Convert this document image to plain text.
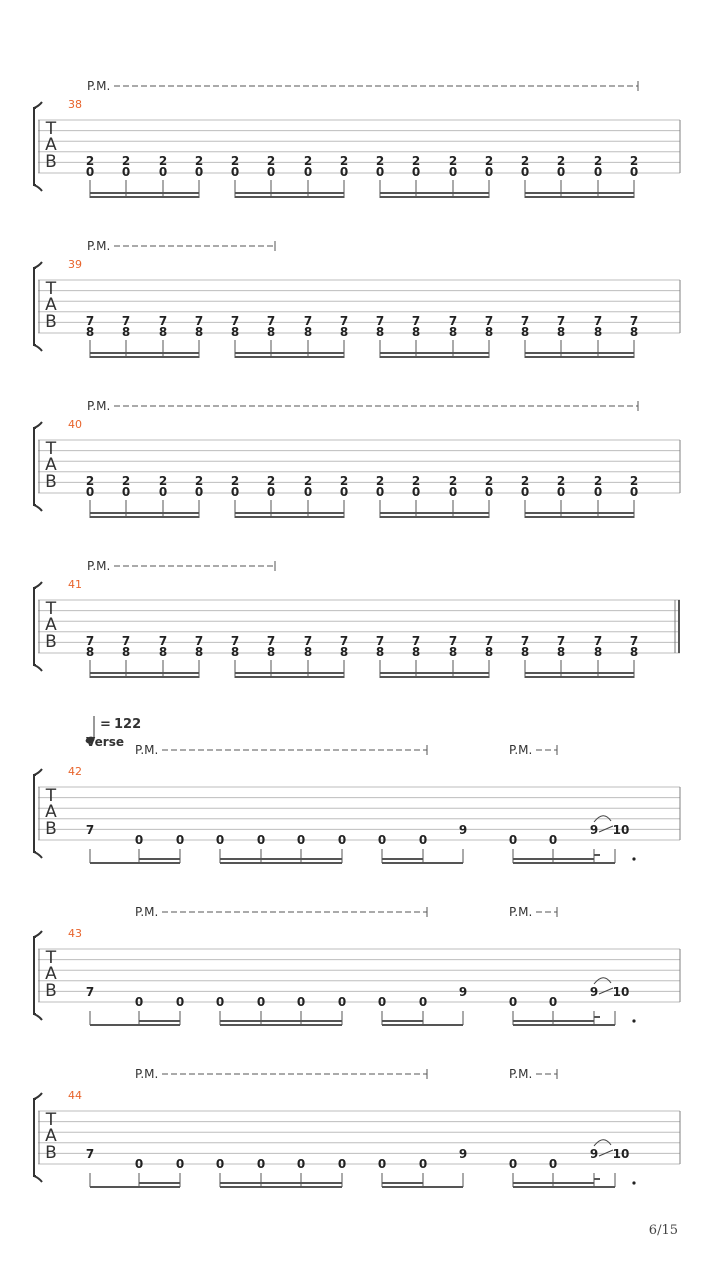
T
A
B
38
P.M.
2
0
2
0
2
0
2
0
2
0
2
0
2
0
2
0
2
0
2
0
2
0
2
0
2
0
2
0
2
0
2
0
T
A
B
39
P.M.
7
8
7
8
7
8
7
8
7
8
7
8
7
8
7
8
7
8
7
8
7
8
7
8
7
8
7
8
7
8
7
8
T
A
B
40
P.M.
2
0
2
0
2
0
2
0
2
0
2
0
2
0
2
0
2
0
2
0
2
0
2
0
2
0
2
0
2
0
2
0
T
A
B
41
P.M.
7
8
7
8
7
8
7
8
7
8
7
8
7
8
7
8
7
8
7
8
7
8
7
8
7
8
7
8
7
8
7
8
T
A
B
42
P.M.	P.M.
7
0	0	0	0	0	0	0	0
9
0	0
9 10
T
A
B
43
P.M.	P.M.
7
0	0	0	0	0	0	0	0
9
0	0
9 10
T
A
B
44
P.M.	P.M.
7
0	0	0	0	0	0	0	0
9
0	0
9 10
= 122
Verse
6/15
